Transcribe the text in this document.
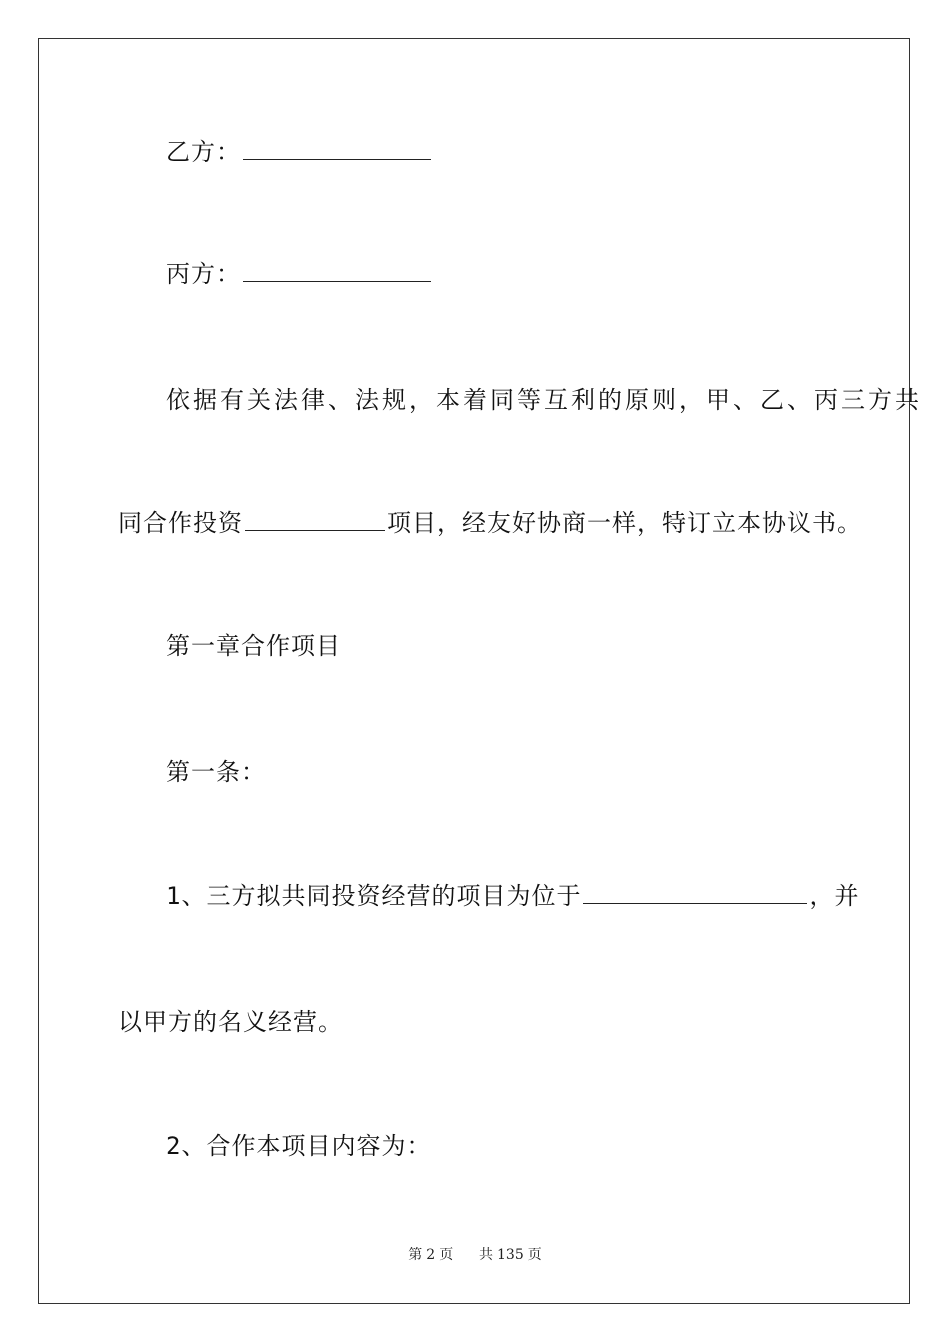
乙方：
丙方：
依据有关法律、法规，本着同等互利的原则，甲、乙、丙三方共
同合作投资	项目，经友好协商一样，特订立本协议书。
第一章合作项目
第一条：
1、三方拟共同投资经营的项目为位于	，并
以甲方的名义经营。
2、合作本项目内容为：
第 2 页 共 135 页
